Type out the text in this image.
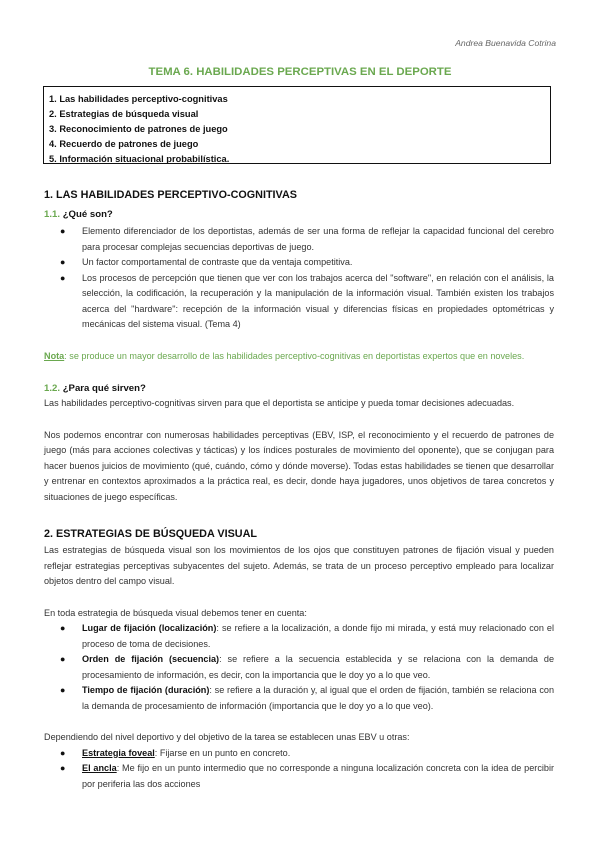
Andrea Buenavida Cotrina
TEMA 6. HABILIDADES PERCEPTIVAS EN EL DEPORTE
1. Las habilidades perceptivo-cognitivas
2. Estrategias de búsqueda visual
3. Reconocimiento de patrones de juego
4. Recuerdo de patrones de juego
5. Información situacional probabilística.
1. LAS HABILIDADES PERCEPTIVO-COGNITIVAS
1.1. ¿Qué son?
● Elemento diferenciador de los deportistas, además de ser una forma de reflejar la capacidad funcional del cerebro para procesar complejas secuencias deportivas de juego.
● Un factor comportamental de contraste que da ventaja competitiva.
● Los procesos de percepción que tienen que ver con los trabajos acerca del "software", en relación con el análisis, la selección, la codificación, la recuperación y la manipulación de la información visual. También existen los trabajos acerca del "hardware": recepción de la información visual y diferencias físicas en propiedades optométricas y mecánicas del sistema visual. (Tema 4)

Nota: se produce un mayor desarrollo de las habilidades perceptivo-cognitivas en deportistas expertos que en noveles.

1.2. ¿Para qué sirven?

Las habilidades perceptivo-cognitivas sirven para que el deportista se anticipe y pueda tomar decisiones adecuadas.

Nos podemos encontrar con numerosas habilidades perceptivas (EBV, ISP, el reconocimiento y el recuerdo de patrones de juego (más para acciones colectivas y tácticas) y los índices posturales de movimiento del oponente), que se conjugan para hacer buenos juicios de movimiento (qué, cuándo, cómo y dónde moverse). Todas estas habilidades se tienen que desarrollar y entrenar en contextos aproximados a la práctica real, es decir, donde haya jugadores, unos objetivos de tarea concretos y situaciones de juego específicas.

2. ESTRATEGIAS DE BÚSQUEDA VISUAL

Las estrategias de búsqueda visual son los movimientos de los ojos que constituyen patrones de fijación visual y pueden reflejar estrategias perceptivas subyacentes del sujeto. Además, se trata de un proceso perceptivo empleado para localizar objetos dentro del campo visual.

En toda estrategia de búsqueda visual debemos tener en cuenta:

● Lugar de fijación (localización): se refiere a la localización, a donde fijo mi mirada, y está muy relacionado con el proceso de toma de decisiones.
● Orden de fijación (secuencia): se refiere a la secuencia establecida y se relaciona con la demanda de procesamiento de información, es decir, con la importancia que le doy yo a lo que veo.
● Tiempo de fijación (duración): se refiere a la duración y, al igual que el orden de fijación, también se relaciona con la demanda de procesamiento de información (importancia que le doy yo a lo que veo).

Dependiendo del nivel deportivo y del objetivo de la tarea se establecen unas EBV u otras:

● Estrategia foveal: Fijarse en un punto en concreto.
● El ancla: Me fijo en un punto intermedio que no corresponde a ninguna localización concreta con la idea de percibir por periferia las dos acciones
